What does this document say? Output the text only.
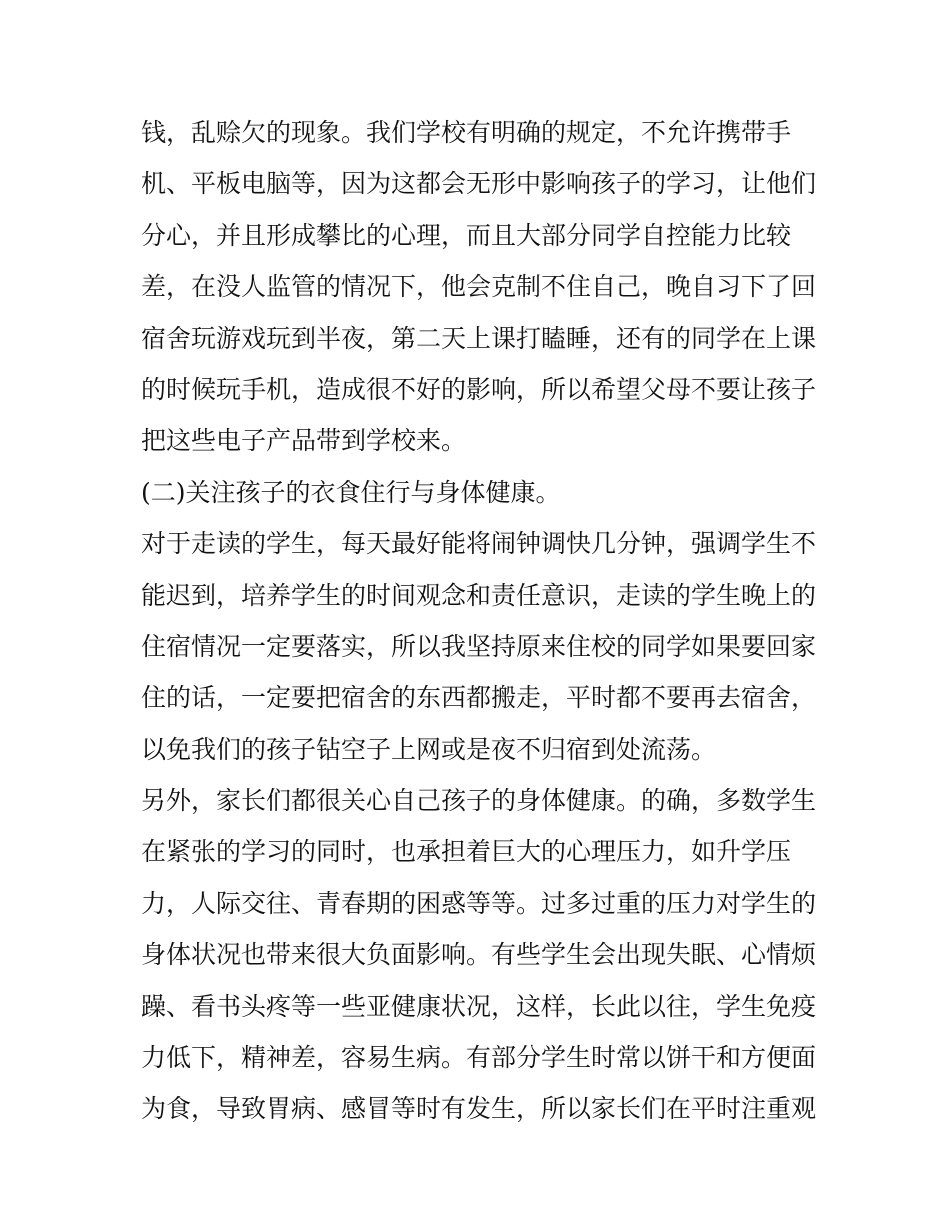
钱，乱赊欠的现象。我们学校有明确的规定，不允许携带手
机、平板电脑等，因为这都会无形中影响孩子的学习，让他们
分心，并且形成攀比的心理，而且大部分同学自控能力比较
差，在没人监管的情况下，他会克制不住自己，晚自习下了回
宿舍玩游戏玩到半夜，第二天上课打瞌睡，还有的同学在上课
的时候玩手机，造成很不好的影响，所以希望父母不要让孩子
把这些电子产品带到学校来。
(二)关注孩子的衣食住行与身体健康。
对于走读的学生，每天最好能将闹钟调快几分钟，强调学生不
能迟到，培养学生的时间观念和责任意识，走读的学生晚上的
住宿情况一定要落实，所以我坚持原来住校的同学如果要回家
住的话，一定要把宿舍的东西都搬走，平时都不要再去宿舍，
以免我们的孩子钻空子上网或是夜不归宿到处流荡。
另外，家长们都很关心自己孩子的身体健康。的确，多数学生
在紧张的学习的同时，也承担着巨大的心理压力，如升学压
力，人际交往、青春期的困惑等等。过多过重的压力对学生的
身体状况也带来很大负面影响。有些学生会出现失眠、心情烦
躁、看书头疼等一些亚健康状况，这样，长此以往，学生免疫
力低下，精神差，容易生病。有部分学生时常以饼干和方便面
为食，导致胃病、感冒等时有发生，所以家长们在平时注重观
